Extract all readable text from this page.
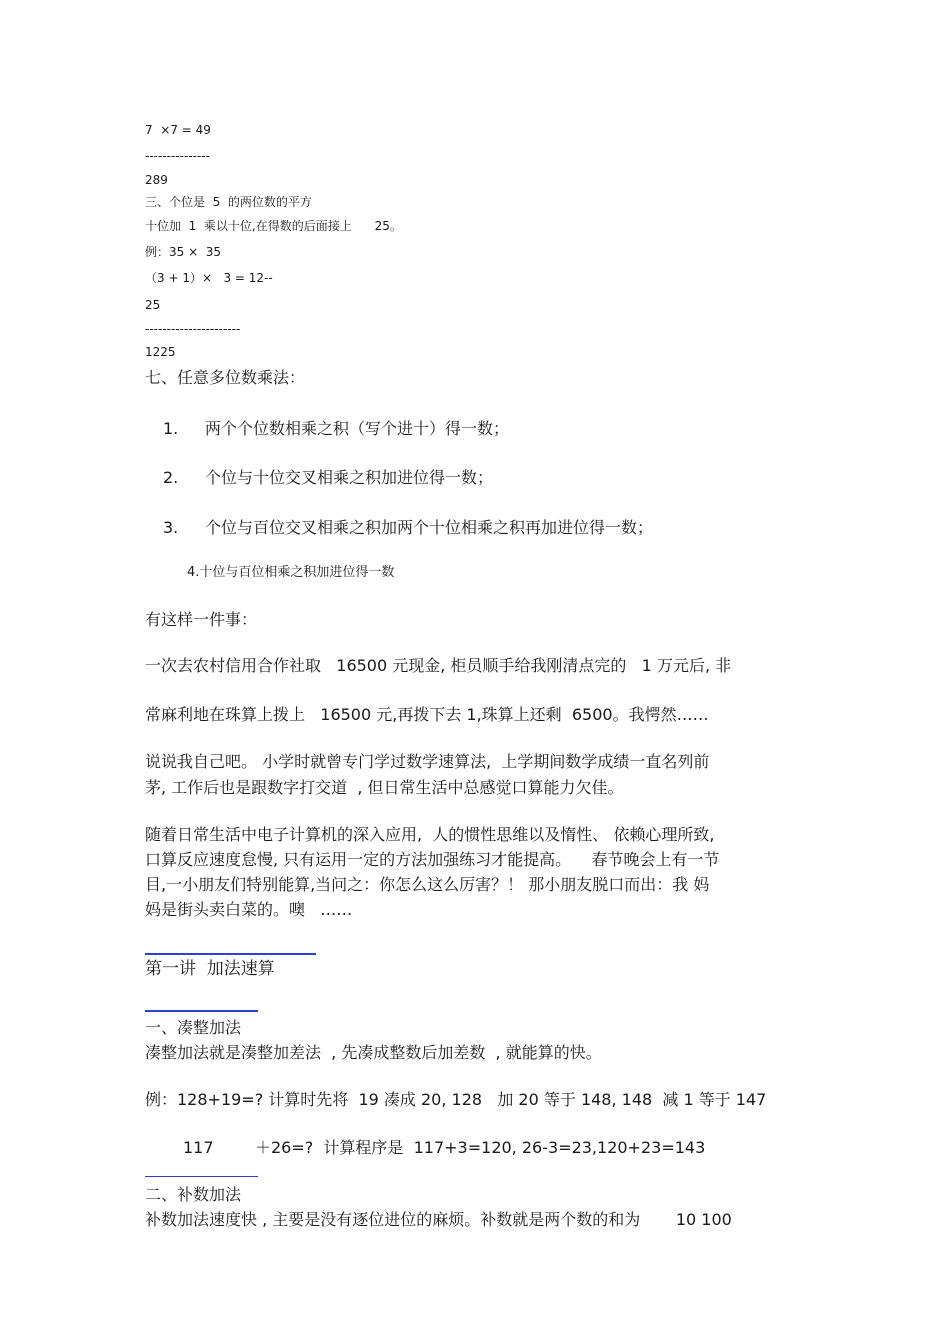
7  ×7 = 49
---------------
289
三、个位是  5  的两位数的平方
十位加  1  乘以十位,在得数的后面接上      25。
例：35 ×  35
（3 + 1）×   3 = 12--
25
----------------------
1225
七、任意多位数乘法：
1. 两个个位数相乘之积（写个进十）得一数；
2. 个位与十位交叉相乘之积加进位得一数；
3. 个位与百位交叉相乘之积加两个十位相乘之积再加进位得一数；
4.十位与百位相乘之积加进位得一数
有这样一件事：
一次去农村信用合作社取   16500 元现金, 柜员顺手给我刚清点完的   1 万元后, 非
常麻利地在珠算上拨上   16500 元,再拨下去 1,珠算上还剩  6500。我愕然……
说说我自己吧。 小学时就曾专门学过数学速算法,  上学期间数学成绩一直名列前
茅, 工作后也是跟数字打交道  , 但日常生活中总感觉口算能力欠佳。
随着日常生活中电子计算机的深入应用,  人的惯性思维以及惰性、 依赖心理所致,
口算反应速度怠慢, 只有运用一定的方法加强练习才能提高。    春节晚会上有一节
目,一小朋友们特别能算,当问之：你怎么这么厉害？！ 那小朋友脱口而出：我 妈
妈是街头卖白菜的。噢   ……
第一讲  加法速算
一、凑整加法
凑整加法就是凑整加差法  , 先凑成整数后加差数  , 就能算的快。
例：128+19=? 计算时先将  19 凑成 20, 128   加 20 等于 148, 148  减 1 等于 147
117	＋26=?  计算程序是  117+3=120, 26-3=23,120+23=143
二、补数加法
补数加法速度快 , 主要是没有逐位进位的麻烦。补数就是两个数的和为       10 100
